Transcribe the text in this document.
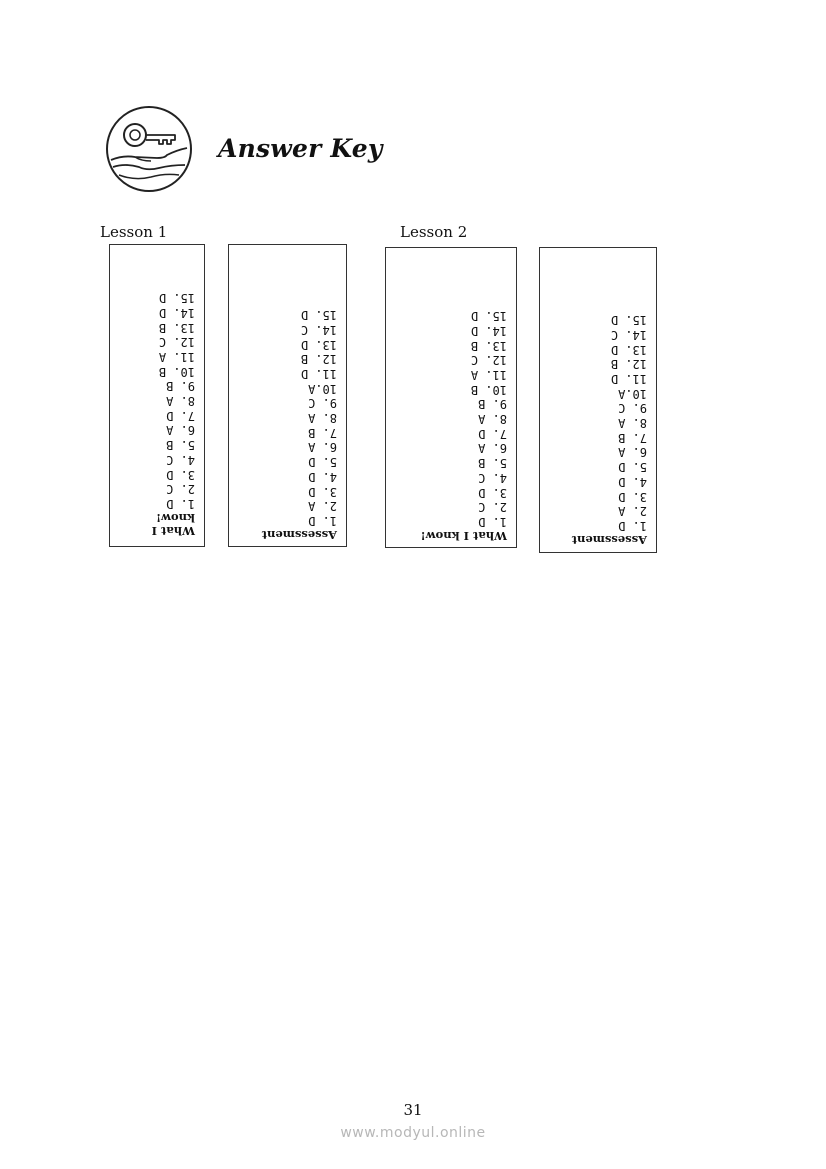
Answer Key
Lesson 1	Lesson 2
What I know!
1. D
2. C
3. D
4. C
5. B
6. A
7. D
8. A
9. B
10. B
11. A
12. C
13. B
14. D
15. D
Assessment
1. D
2. A
3. D
4. D
5. D
6. A
7. B
8. A
9. C
10.A
11. D
12. B
13. D
14. C
15. D
What I know!
1. D
2. C
3. D
4. C
5. B
6. A
7. D
8. A
9. B
10. B
11. A
12. C
13. B
14. D
15. D
Assessment
1. D
2. A
3. D
4. D
5. D
6. A
7. B
8. A
9. C
10.A
11. D
12. B
13. D
14. C
15. D
31
www.modyul.online
